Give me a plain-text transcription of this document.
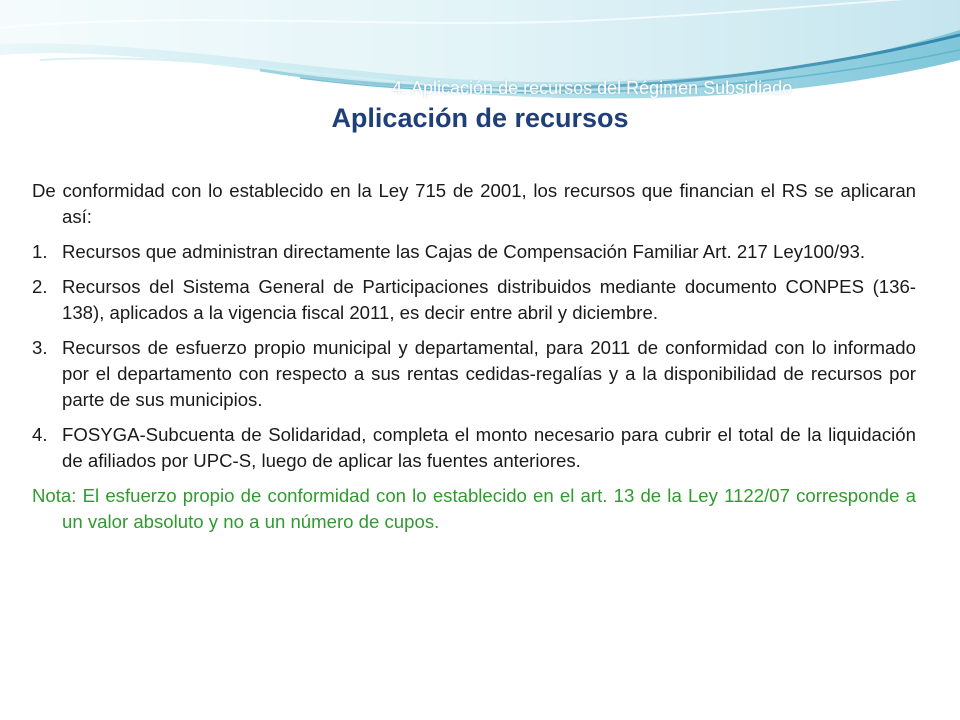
4. Aplicación de recursos del Régimen Subsidiado
Aplicación de recursos

De conformidad con lo establecido en la Ley 715 de 2001, los recursos que financian el RS se aplicaran así:

1. Recursos que administran directamente las Cajas de Compensación Familiar Art. 217 Ley100/93.
2. Recursos del Sistema General de Participaciones distribuidos mediante documento CONPES (136-138), aplicados a la vigencia fiscal 2011, es decir entre abril y diciembre.
3. Recursos de esfuerzo propio municipal y departamental, para 2011 de conformidad con lo informado por el departamento con respecto a sus rentas cedidas-regalías y a la disponibilidad de recursos por parte de sus municipios.
4. FOSYGA-Subcuenta de Solidaridad, completa el monto necesario para cubrir el total de la liquidación de afiliados por UPC-S, luego de aplicar las fuentes anteriores.

Nota: El esfuerzo propio de conformidad con lo establecido en el art. 13 de la Ley 1122/07 corresponde a un valor absoluto y no a un número de cupos.
